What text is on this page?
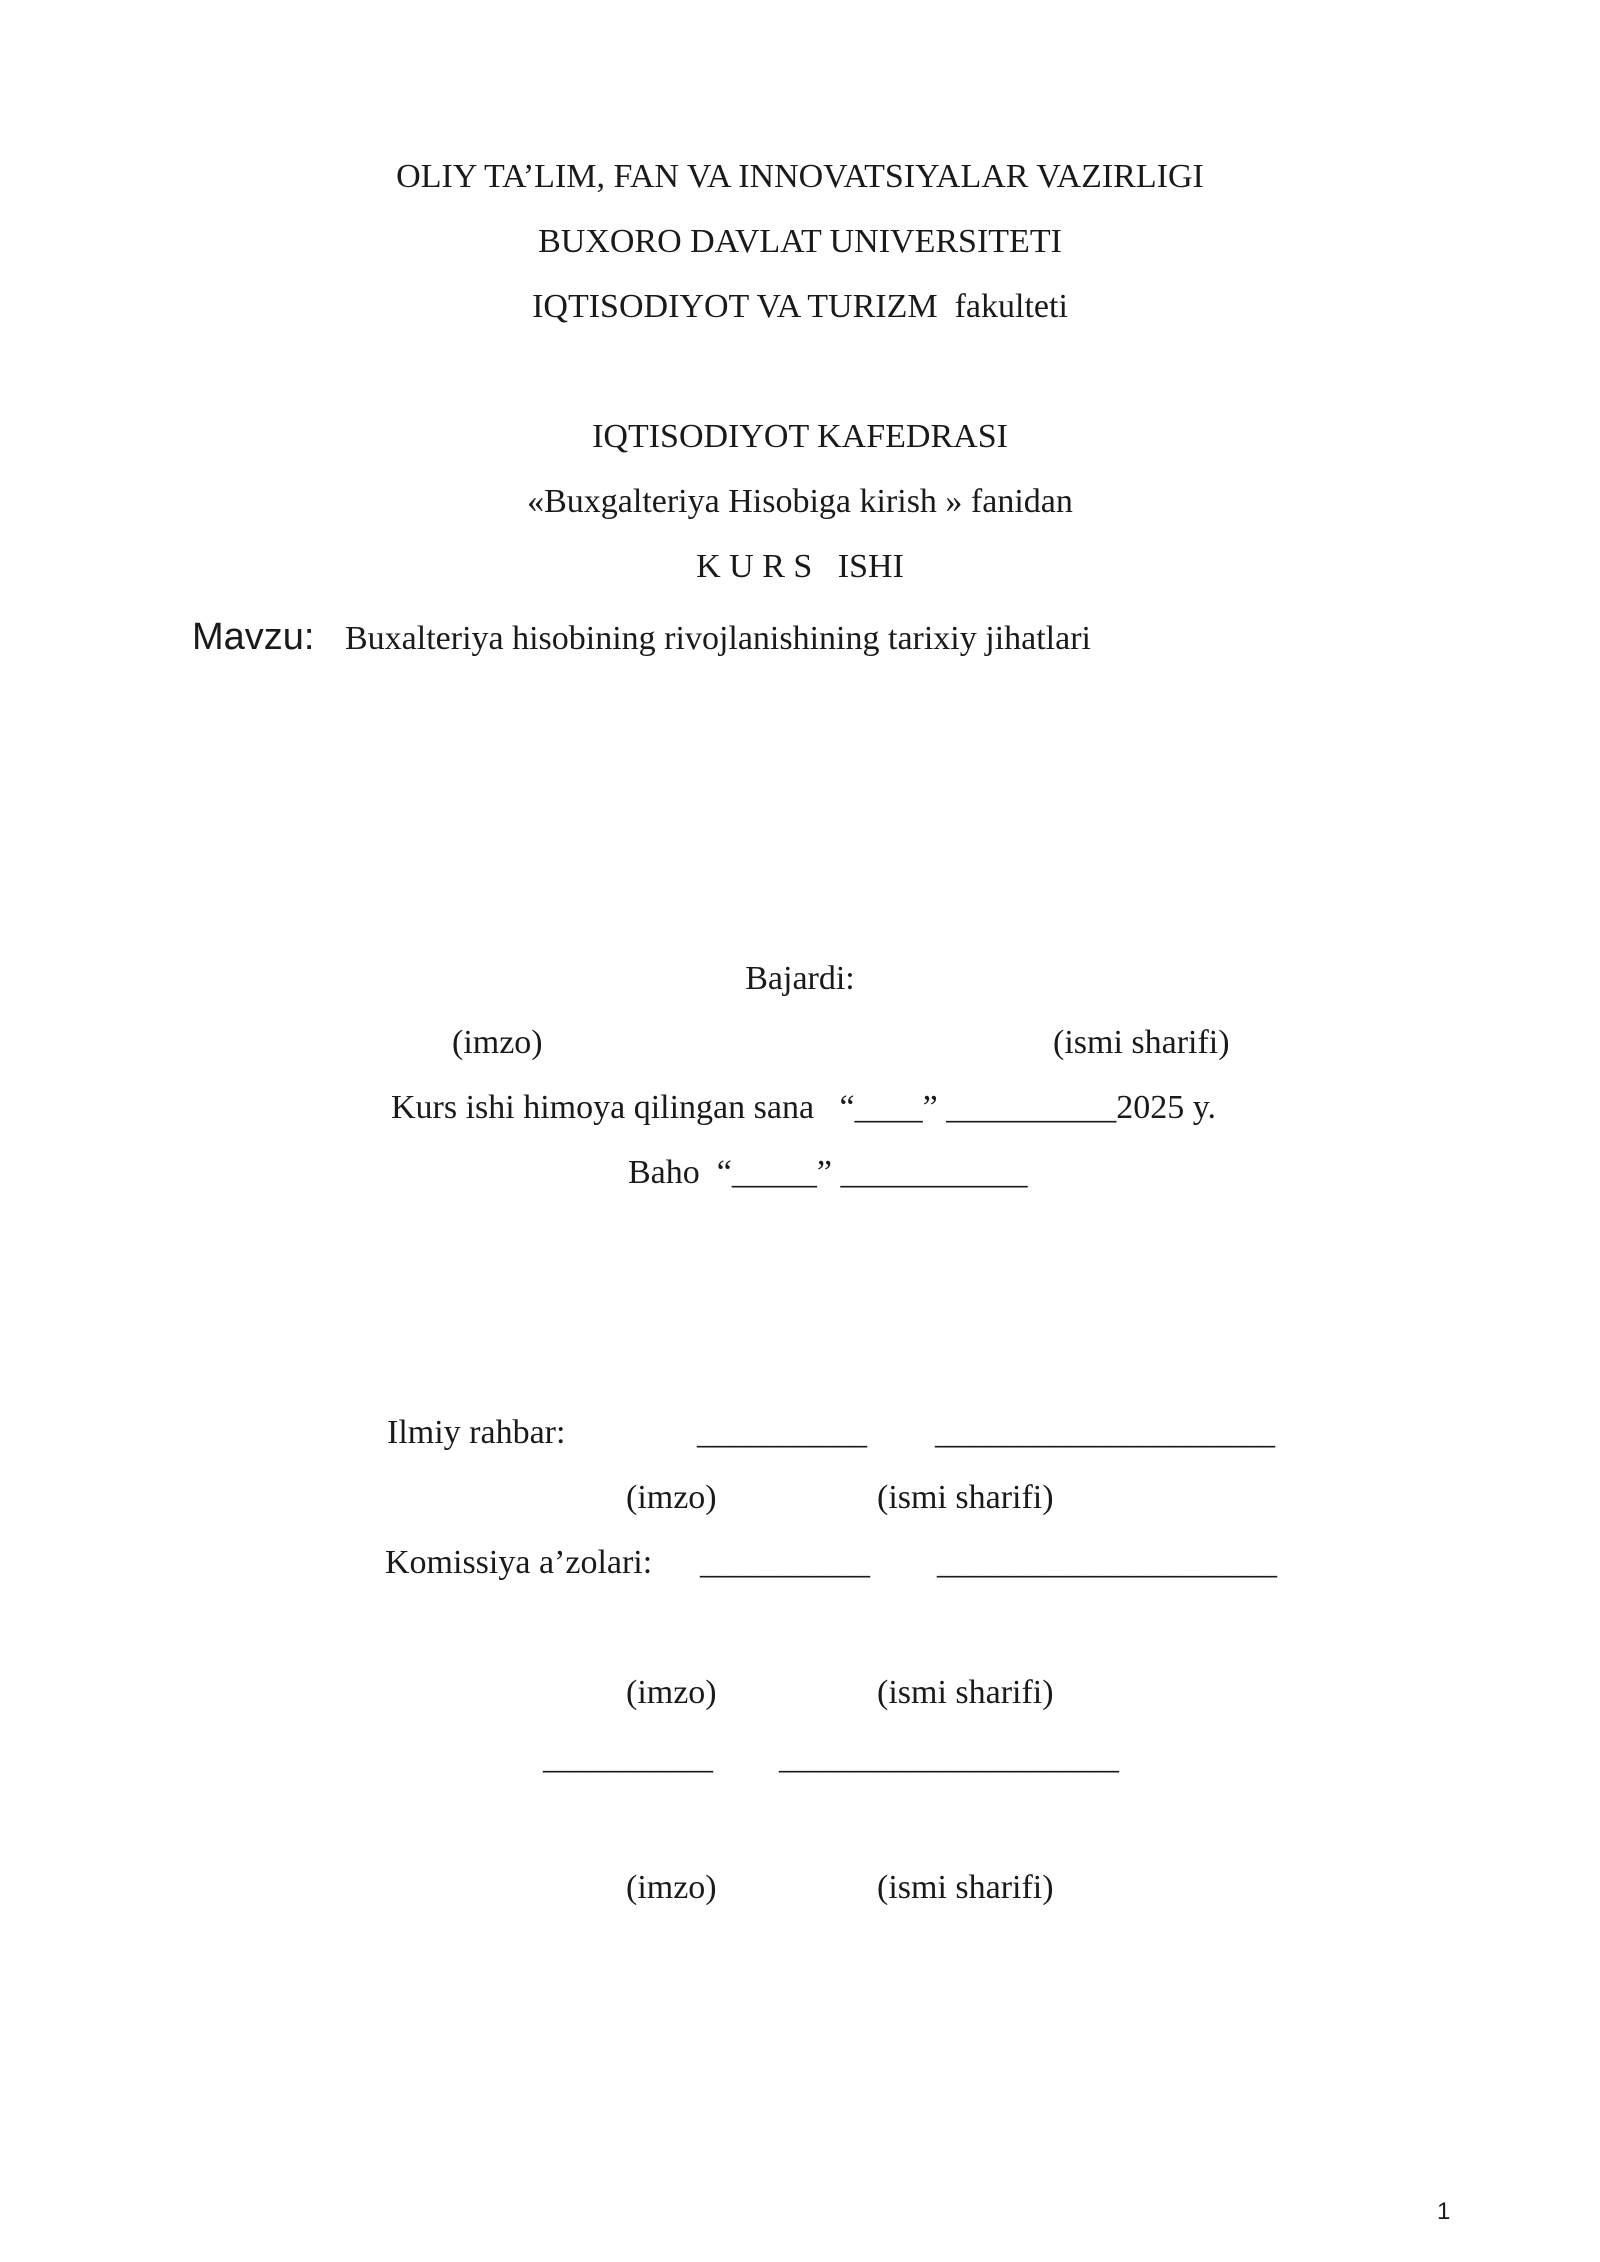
OLIY TA’LIM, FAN VA INNOVATSIYALAR VAZIRLIGI
BUXORO DAVLAT UNIVERSITETI
IQTISODIYOT VA TURIZM  fakulteti
IQTISODIYOT KAFEDRASI
«Buxgalteriya Hisobiga kirish » fanidan
K U R S   ISHI
Mavzu: Buxalteriya hisobining rivojlanishining tarixiy jihatlari
Bajardi:
(imzo)	(ismi sharifi)
Kurs ishi himoya qilingan sana   “____” __________2025 y.
Baho  “_____” ___________
Ilmiy rahbar:	__________ ____________________
(imzo)	(ismi sharifi)
Komissiya a’zolari: __________ ____________________
(imzo)	(ismi sharifi)
__________ ____________________
(imzo)	(ismi sharifi)
1
